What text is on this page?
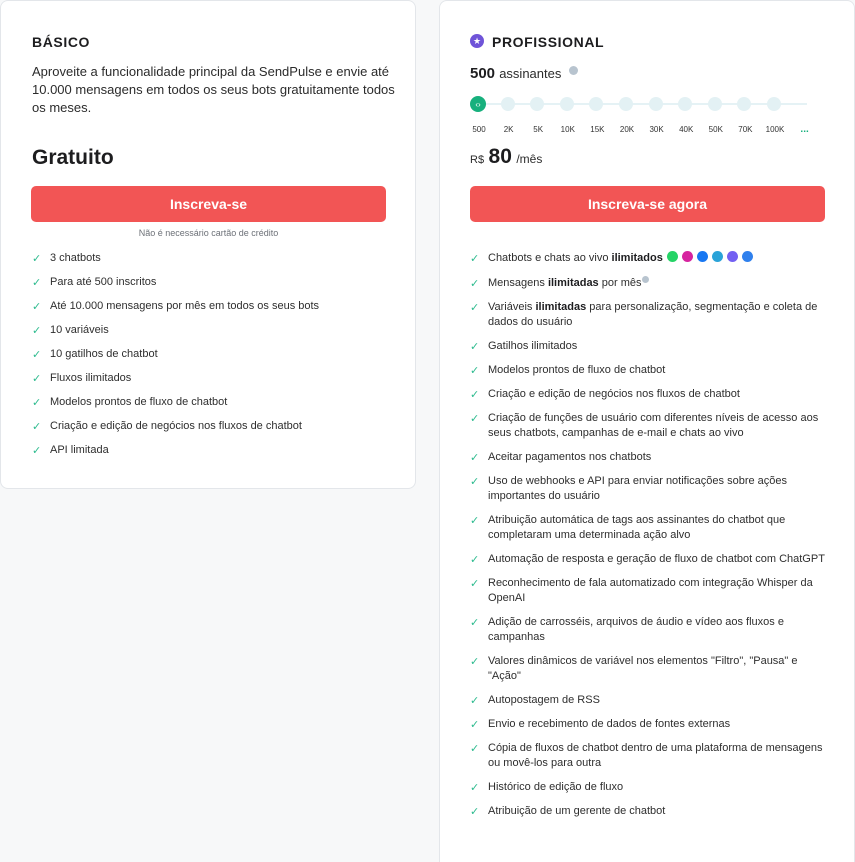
BÁSICO
Aproveite a funcionalidade principal da SendPulse e envie até 10.000 mensagens em todos os seus bots gratuitamente todos os meses.
Gratuito
Inscreva-se
Não é necessário cartão de crédito
✓ 3 chatbots
✓ Para até 500 inscritos
✓ Até 10.000 mensagens por mês em todos os seus bots
✓ 10 variáveis
✓ 10 gatilhos de chatbot
✓ Fluxos ilimitados
✓ Modelos prontos de fluxo de chatbot
✓ Criação e edição de negócios nos fluxos de chatbot
✓ API limitada
★ PROFISSIONAL
500 assinantes
‹›
500 2K 5K 10K 15K 20K 30K 40K 50K 70K 100K ...
R$ 80 /mês
Inscreva-se agora
✓ Chatbots e chats ao vivo ilimitados
✓ Mensagens ilimitadas por mês
✓ Variáveis ilimitadas para personalização, segmentação e coleta de dados do usuário
✓ Gatilhos ilimitados
✓ Modelos prontos de fluxo de chatbot
✓ Criação e edição de negócios nos fluxos de chatbot
✓ Criação de funções de usuário com diferentes níveis de acesso aos seus chatbots, campanhas de e-mail e chats ao vivo
✓ Aceitar pagamentos nos chatbots
✓ Uso de webhooks e API para enviar notificações sobre ações importantes do usuário
✓ Atribuição automática de tags aos assinantes do chatbot que completaram uma determinada ação alvo
✓ Automação de resposta e geração de fluxo de chatbot com ChatGPT
✓ Reconhecimento de fala automatizado com integração Whisper da OpenAI
✓ Adição de carrosséis, arquivos de áudio e vídeo aos fluxos e campanhas
✓ Valores dinâmicos de variável nos elementos "Filtro", "Pausa" e "Ação"
✓ Autopostagem de RSS
✓ Envio e recebimento de dados de fontes externas
✓ Cópia de fluxos de chatbot dentro de uma plataforma de mensagens ou movê-los para outra
✓ Histórico de edição de fluxo
✓ Atribuição de um gerente de chatbot
